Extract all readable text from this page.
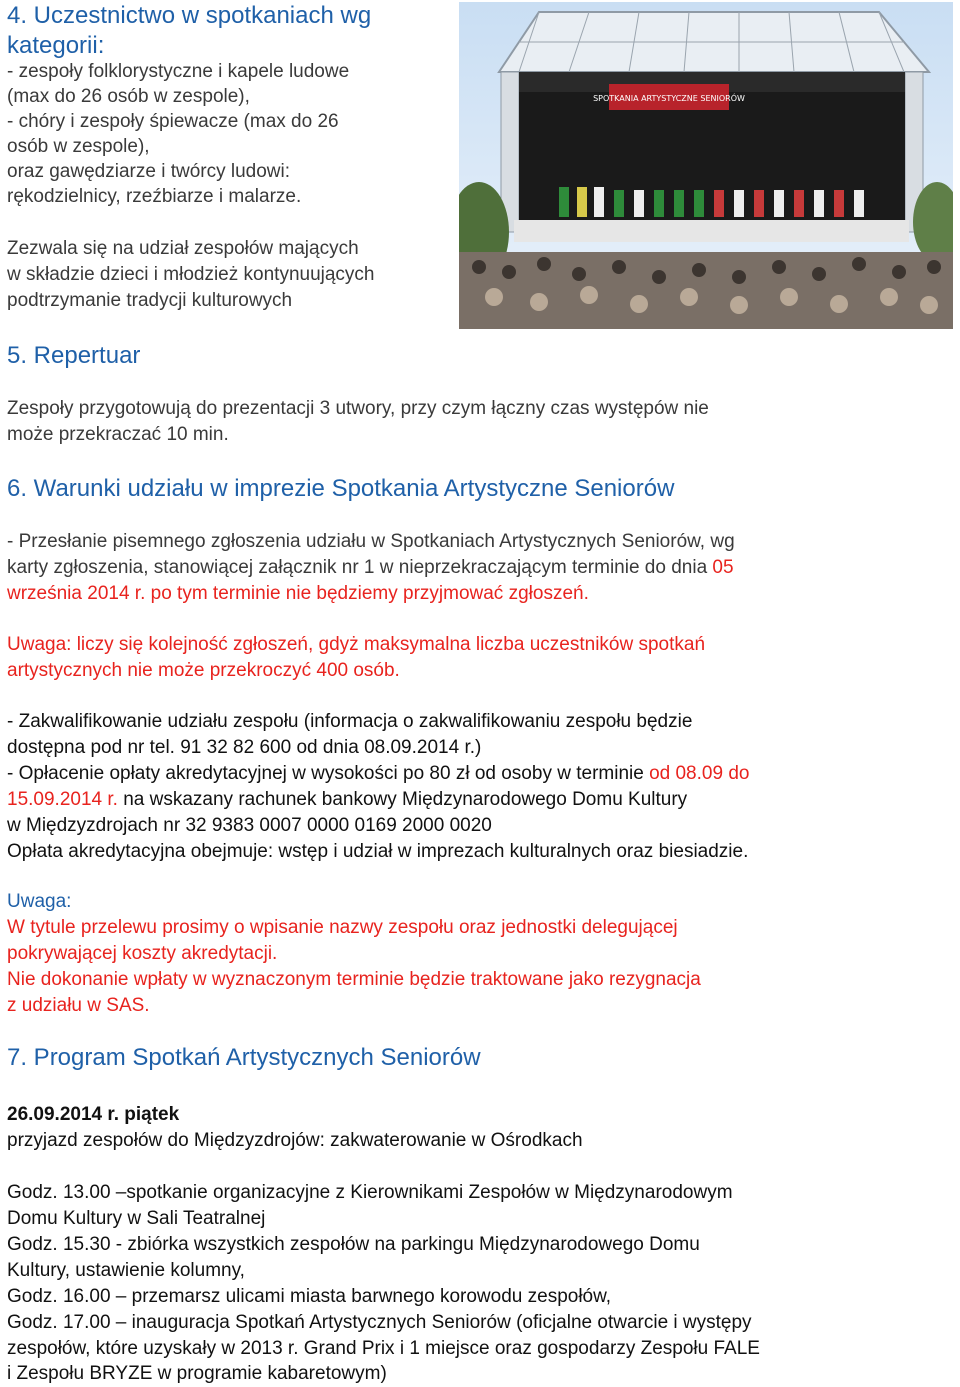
4. Uczestnictwo w spotkaniach wg
kategorii:
- zespoły folklorystyczne i kapele ludowe
(max do 26 osób w zespole),
- chóry i zespoły śpiewacze (max do 26
osób w zespole),
oraz gawędziarze i twórcy ludowi:
rękodzielnicy, rzeźbiarze i malarze.
Zezwala się na udział zespołów mających
w składzie dzieci i młodzież kontynuujących
podtrzymanie tradycji kulturowych
SPOTKANIA ARTYSTYCZNE SENIORÓW
5. Repertuar
Zespoły przygotowują do prezentacji 3 utwory, przy czym łączny czas występów nie
może przekraczać 10 min.
6. Warunki udziału w imprezie Spotkania Artystyczne Seniorów
- Przesłanie pisemnego zgłoszenia udziału w Spotkaniach Artystycznych Seniorów, wg
karty zgłoszenia, stanowiącej załącznik nr 1 w nieprzekraczającym terminie do dnia 05
września 2014 r. po tym terminie nie będziemy przyjmować zgłoszeń.
Uwaga: liczy się kolejność zgłoszeń, gdyż maksymalna liczba uczestników spotkań
artystycznych nie może przekroczyć 400 osób.
- Zakwalifikowanie udziału zespołu (informacja o zakwalifikowaniu zespołu będzie
dostępna pod nr tel. 91 32 82 600 od dnia 08.09.2014 r.)
- Opłacenie opłaty akredytacyjnej w wysokości po 80 zł od osoby w terminie od 08.09 do
15.09.2014 r. na wskazany rachunek bankowy Międzynarodowego Domu Kultury
w Międzyzdrojach nr 32 9383 0007 0000 0169 2000 0020
Opłata akredytacyjna obejmuje: wstęp i udział w imprezach kulturalnych oraz biesiadzie.
Uwaga:
W tytule przelewu prosimy o wpisanie nazwy zespołu oraz jednostki delegującej
pokrywającej koszty akredytacji.
Nie dokonanie wpłaty w wyznaczonym terminie będzie traktowane jako rezygnacja
z udziału w SAS.
7. Program Spotkań Artystycznych Seniorów
26.09.2014 r. piątek
przyjazd zespołów do Międzyzdrojów: zakwaterowanie w Ośrodkach
Godz. 13.00 –spotkanie organizacyjne z Kierownikami Zespołów w Międzynarodowym
Domu Kultury w Sali Teatralnej
Godz. 15.30 - zbiórka wszystkich zespołów na parkingu Międzynarodowego Domu
Kultury, ustawienie kolumny,
Godz. 16.00 – przemarsz ulicami miasta barwnego korowodu zespołów,
Godz. 17.00 – inauguracja Spotkań Artystycznych Seniorów (oficjalne otwarcie i występy
zespołów, które uzyskały w 2013 r. Grand Prix i 1 miejsce oraz gospodarzy Zespołu FALE
i Zespołu BRYZE w programie kabaretowym)
